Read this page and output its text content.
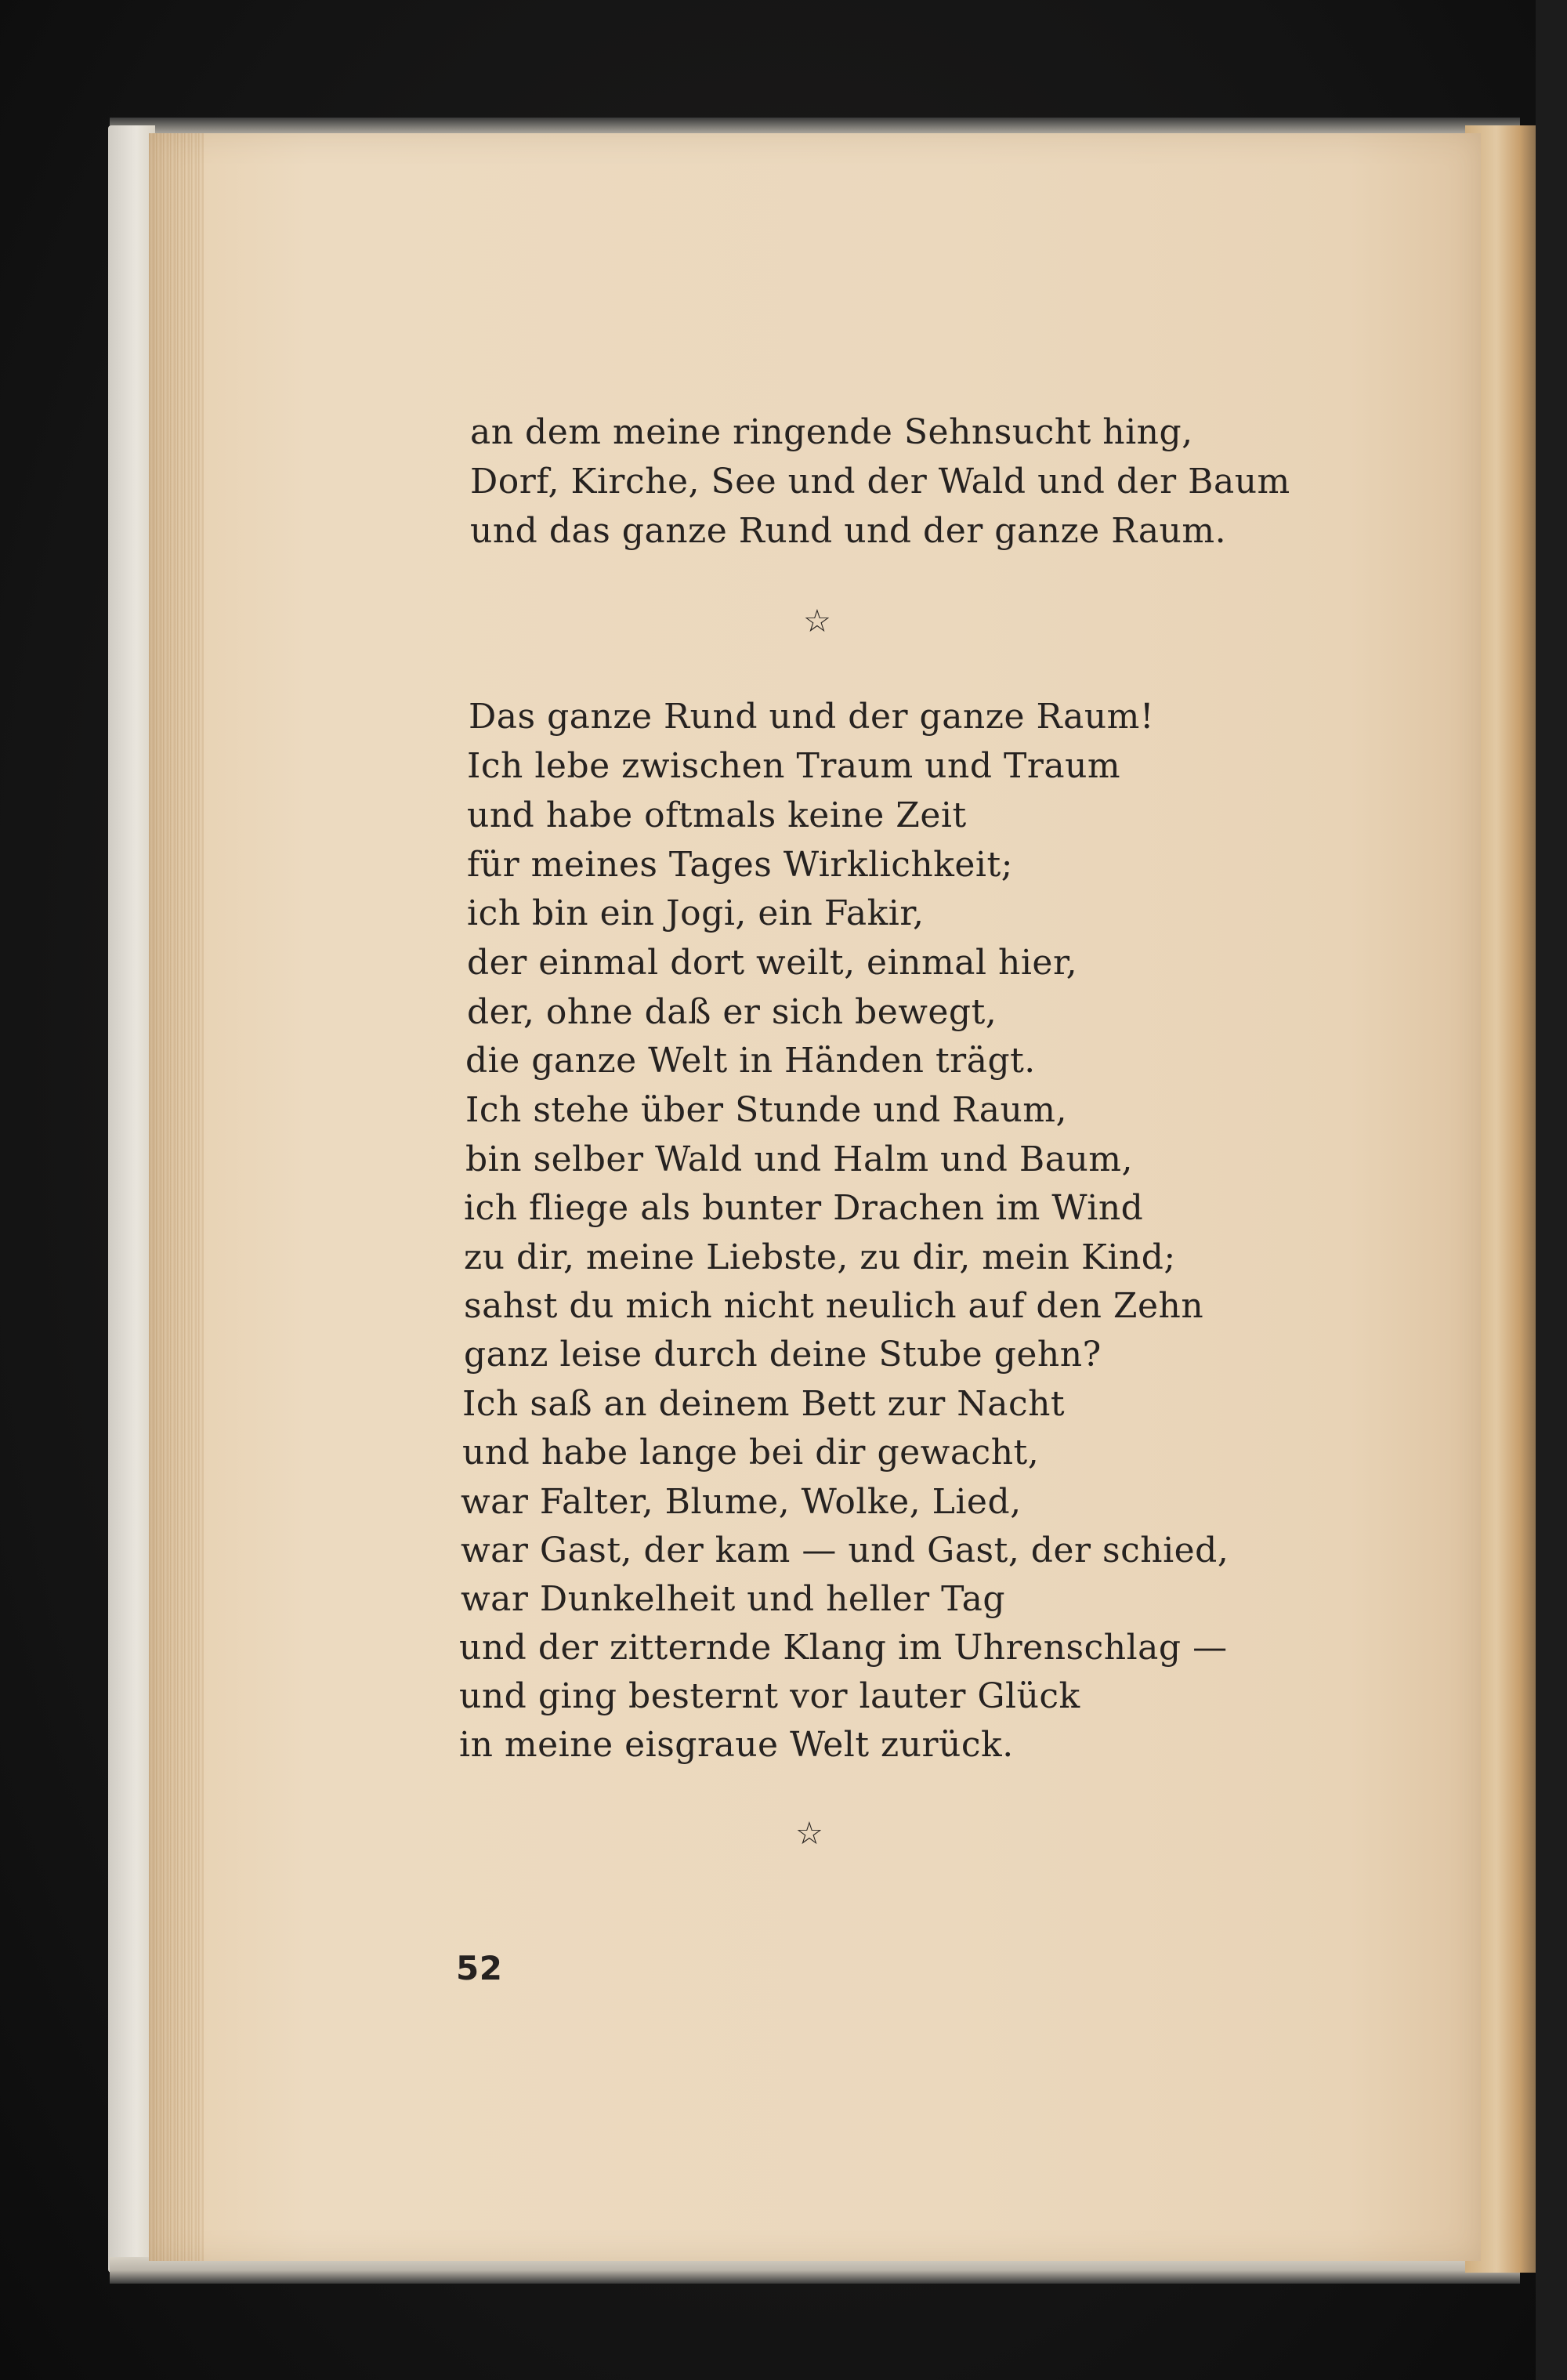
an dem meine ringende Sehnsucht hing,
Dorf, Kirche, See und der Wald und der Baum
und das ganze Rund und der ganze Raum.
☆
Das ganze Rund und der ganze Raum!
Ich lebe zwischen Traum und Traum
und habe oftmals keine Zeit
für meines Tages Wirklichkeit;
ich bin ein Jogi, ein Fakir,
der einmal dort weilt, einmal hier,
der, ohne daß er sich bewegt,
die ganze Welt in Händen trägt.
Ich stehe über Stunde und Raum,
bin selber Wald und Halm und Baum,
ich fliege als bunter Drachen im Wind
zu dir, meine Liebste, zu dir, mein Kind;
sahst du mich nicht neulich auf den Zehn
ganz leise durch deine Stube gehn?
Ich saß an deinem Bett zur Nacht
und habe lange bei dir gewacht,
war Falter, Blume, Wolke, Lied,
war Gast, der kam — und Gast, der schied,
war Dunkelheit und heller Tag
und der zitternde Klang im Uhrenschlag —
und ging besternt vor lauter Glück
in meine eisgraue Welt zurück.
☆
52
